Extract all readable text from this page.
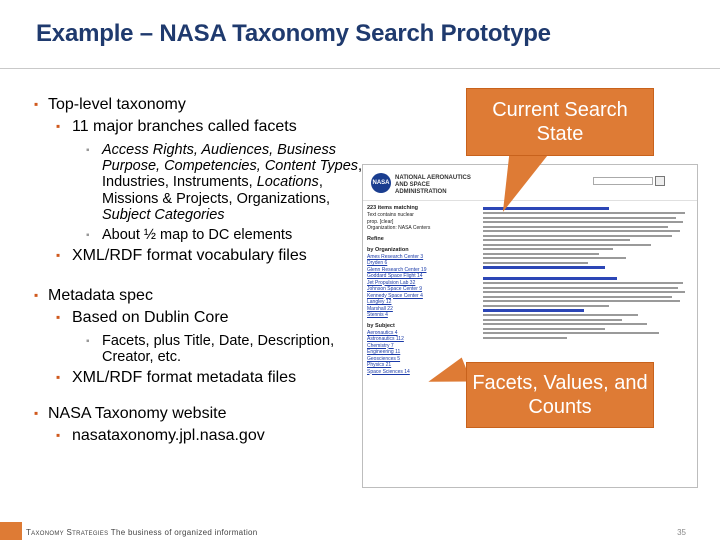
Example – NASA Taxonomy Search Prototype
▪ Top-level taxonomy
▪ 11 major branches called facets
▪ Access Rights, Audiences, Business Purpose, Competencies, Content Types, Industries, Instruments, Locations, Missions & Projects, Organizations, Subject Categories
▪ About ½ map to DC elements
▪ XML/RDF format vocabulary files
▪ Metadata spec
▪ Based on Dublin Core
▪ Facets, plus Title, Date, Description, Creator, etc.
▪ XML/RDF format metadata files
▪ NASA Taxonomy website
▪ nasataxonomy.jpl.nasa.gov
NASA
NATIONAL AERONAUTICS AND SPACE ADMINISTRATION
223 items matching
Text contains nuclear
prop. [clear]
Organization: NASA Centers
Refine
by Organization
Ames Research Center 3
Dryden 6
Glenn Research Center 19
Goddard Space Flight 14
Jet Propulsion Lab 32
Johnson Space Center 9
Kennedy Space Center 4
Langley 12
Marshall 22
Stennis 4
by Subject
Aeronautics 4
Astronautics 112
Chemistry 7
Engineering 11
Geosciences 5
Physics 21
Space Sciences 14
Current Search State
Facets, Values, and Counts
Taxonomy Strategies The business of organized information	35
